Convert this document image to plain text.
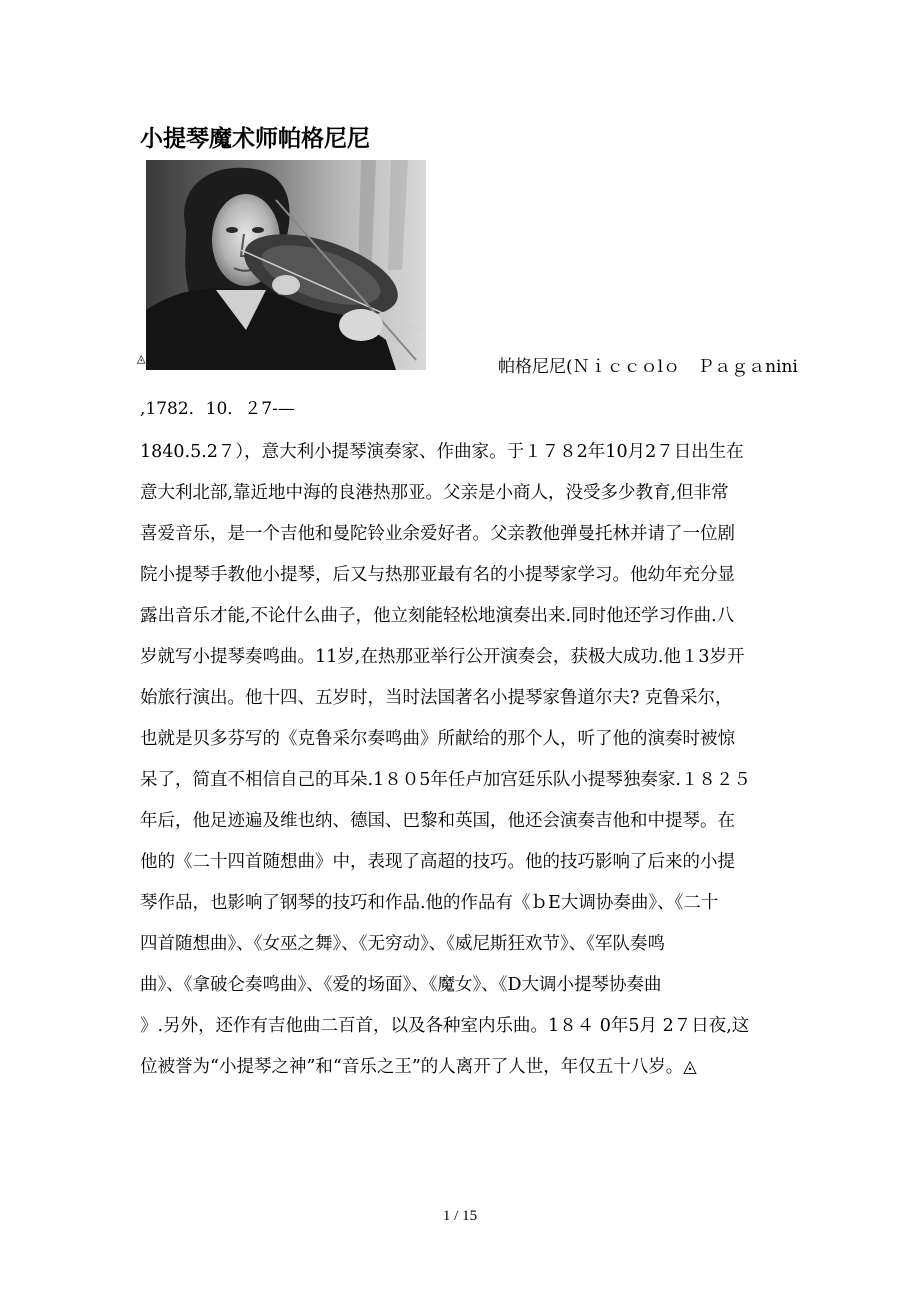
小提琴魔术师帕格尼尼
◬	帕格尼尼(Ｎｉｃｃｏlｏ　Ｐａｇａnini
,1782．10．２7-—
1840.5.2７），意大利小提琴演奏家、作曲家。于１７８2年10月2７日出生在
意大利北部,靠近地中海的良港热那亚。父亲是小商人，没受多少教育,但非常
喜爱音乐，是一个吉他和曼陀铃业余爱好者。父亲教他弹曼托林并请了一位剧
院小提琴手教他小提琴，后又与热那亚最有名的小提琴家学习。他幼年充分显
露出音乐才能,不论什么曲子，他立刻能轻松地演奏出来.同时他还学习作曲.八
岁就写小提琴奏鸣曲。11岁,在热那亚举行公开演奏会，获极大成功.他１3岁开
始旅行演出。他十四、五岁时，当时法国著名小提琴家鲁道尔夫? 克鲁采尔，
也就是贝多芬写的《克鲁采尔奏鸣曲》所献给的那个人，听了他的演奏时被惊
呆了，简直不相信自己的耳朵.1８０5年任卢加宫廷乐队小提琴独奏家.１８２５
年后，他足迹遍及维也纳、德国、巴黎和英国，他还会演奏吉他和中提琴。在
他的《二十四首随想曲》中，表现了高超的技巧。他的技巧影响了后来的小提
琴作品，也影响了钢琴的技巧和作品.他的作品有《ｂE大调协奏曲》、《二十
四首随想曲》、《女巫之舞》、《无穷动》、《威尼斯狂欢节》、《军队奏鸣
曲》、《拿破仑奏鸣曲》、《爱的场面》、《魔女》、《D大调小提琴协奏曲
》.另外，还作有吉他曲二百首，以及各种室内乐曲。1８４ 0年5月 2７日夜,这
位被誉为“小提琴之神”和“音乐之王”的人离开了人世，年仅五十八岁。◬
1 / 15
